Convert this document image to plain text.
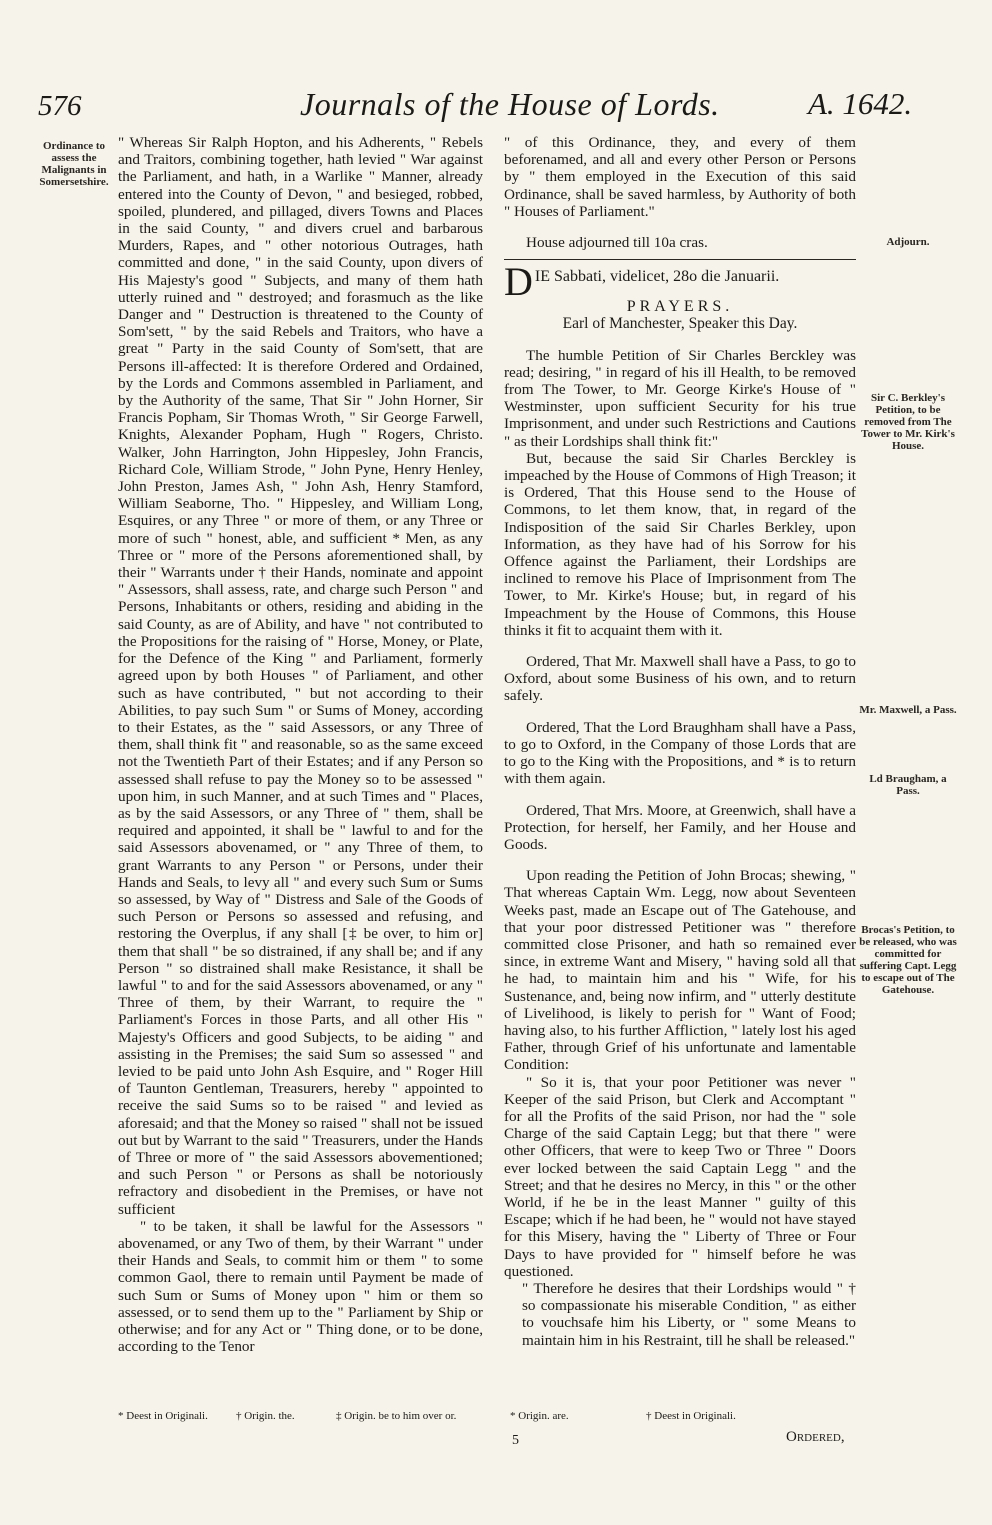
576	Journals of the House of Lords.	A. 1642.
Ordinance to assess the Malignants in Somersetshire.
Adjourn.
Sir C. Berkley's Petition, to be removed from The Tower to Mr. Kirk's House.
Mr. Maxwell, a Pass.
Ld Braugham, a Pass.
Brocas's Petition, to be released, who was committed for suffering Capt. Legg to escape out of The Gatehouse.

" Whereas Sir Ralph Hopton, and his Adherents, " Rebels and Traitors, combining together, hath levied " War against the Parliament, and hath, in a Warlike " Manner, already entered into the County of Devon, " and besieged, robbed, spoiled, plundered, and pillaged, divers Towns and Places in the said County, " and divers cruel and barbarous Murders, Rapes, and " other notorious Outrages, hath committed and done, " in the said County, upon divers of His Majesty's good " Subjects, and many of them hath utterly ruined and " destroyed; and forasmuch as the like Danger and " Destruction is threatened to the County of Som'sett, " by the said Rebels and Traitors, who have a great " Party in the said County of Som'sett, that are Persons ill-affected: It is therefore Ordered and Ordained, by the Lords and Commons assembled in Parliament, and by the Authority of the same, That Sir " John Horner, Sir Francis Popham, Sir Thomas Wroth, " Sir George Farwell, Knights, Alexander Popham, Hugh " Rogers, Christo. Walker, John Harrington, John Hippesley, John Francis, Richard Cole, William Strode, " John Pyne, Henry Henley, John Preston, James Ash, " John Ash, Henry Stamford, William Seaborne, Tho. " Hippesley, and William Long, Esquires, or any Three " or more of them, or any Three or more of such " honest, able, and sufficient * Men, as any Three or " more of the Persons aforementioned shall, by their " Warrants under † their Hands, nominate and appoint " Assessors, shall assess, rate, and charge such Person " and Persons, Inhabitants or others, residing and abiding in the said County, as are of Ability, and have " not contributed to the Propositions for the raising of " Horse, Money, or Plate, for the Defence of the King " and Parliament, formerly agreed upon by both Houses " of Parliament, and other such as have contributed, " but not according to their Abilities, to pay such Sum " or Sums of Money, according to their Estates, as the " said Assessors, or any Three of them, shall think fit " and reasonable, so as the same exceed not the Twentieth Part of their Estates; and if any Person so assessed shall refuse to pay the Money so to be assessed " upon him, in such Manner, and at such Times and " Places, as by the said Assessors, or any Three of " them, shall be required and appointed, it shall be " lawful to and for the said Assessors abovenamed, or " any Three of them, to grant Warrants to any Person " or Persons, under their Hands and Seals, to levy all " and every such Sum or Sums so assessed, by Way of " Distress and Sale of the Goods of such Person or Persons so assessed and refusing, and restoring the Overplus, if any shall [‡ be over, to him or] them that shall " be so distrained, if any shall be; and if any Person " so distrained shall make Resistance, it shall be lawful " to and for the said Assessors abovenamed, or any " Three of them, by their Warrant, to require the " Parliament's Forces in those Parts, and all other His " Majesty's Officers and good Subjects, to be aiding " and assisting in the Premises; the said Sum so assessed " and levied to be paid unto John Ash Esquire, and " Roger Hill of Taunton Gentleman, Treasurers, hereby " appointed to receive the said Sums so to be raised " and levied as aforesaid; and that the Money so raised " shall not be issued out but by Warrant to the said " Treasurers, under the Hands of Three or more of " the said Assessors abovementioned; and such Person " or Persons as shall be notoriously refractory and disobedient in the Premises, or have not sufficient

" to be taken, it shall be lawful for the Assessors " abovenamed, or any Two of them, by their Warrant " under their Hands and Seals, to commit him or them " to some common Gaol, there to remain until Payment be made of such Sum or Sums of Money upon " him or them so assessed, or to send them up to the " Parliament by Ship or otherwise; and for any Act or " Thing done, or to be done, according to the Tenor

" of this Ordinance, they, and every of them beforenamed, and all and every other Person or Persons by " them employed in the Execution of this said Ordinance, shall be saved harmless, by Authority of both " Houses of Parliament."

House adjourned till 10a cras.

D IE Sabbati, videlicet, 28o die Januarii.

PRAYERS.

Earl of Manchester, Speaker this Day.

The humble Petition of Sir Charles Berckley was read; desiring, " in regard of his ill Health, to be removed from The Tower, to Mr. George Kirke's House of " Westminster, upon sufficient Security for his true Imprisonment, and under such Restrictions and Cautions " as their Lordships shall think fit:"

But, because the said Sir Charles Berckley is impeached by the House of Commons of High Treason; it is Ordered, That this House send to the House of Commons, to let them know, that, in regard of the Indisposition of the said Sir Charles Berkley, upon Information, as they have had of his Sorrow for his Offence against the Parliament, their Lordships are inclined to remove his Place of Imprisonment from The Tower, to Mr. Kirke's House; but, in regard of his Impeachment by the House of Commons, this House thinks it fit to acquaint them with it.

Ordered, That Mr. Maxwell shall have a Pass, to go to Oxford, about some Business of his own, and to return safely.

Ordered, That the Lord Braughham shall have a Pass, to go to Oxford, in the Company of those Lords that are to go to the King with the Propositions, and * is to return with them again.

Ordered, That Mrs. Moore, at Greenwich, shall have a Protection, for herself, her Family, and her House and Goods.

Upon reading the Petition of John Brocas; shewing, " That whereas Captain Wm. Legg, now about Seventeen Weeks past, made an Escape out of The Gatehouse, and that your poor distressed Petitioner was " therefore committed close Prisoner, and hath so remained ever since, in extreme Want and Misery, " having sold all that he had, to maintain him and his " Wife, for his Sustenance, and, being now infirm, and " utterly destitute of Livelihood, is likely to perish for " Want of Food; having also, to his further Affliction, " lately lost his aged Father, through Grief of his unfortunate and lamentable Condition:

" So it is, that your poor Petitioner was never " Keeper of the said Prison, but Clerk and Accomptant " for all the Profits of the said Prison, nor had the " sole Charge of the said Captain Legg; but that there " were other Officers, that were to keep Two or Three " Doors ever locked between the said Captain Legg " and the Street; and that he desires no Mercy, in this " or the other World, if he be in the least Manner " guilty of this Escape; which if he had been, he " would not have stayed for this Misery, having the " Liberty of Three or Four Days to have provided for " himself before he was questioned.

" Therefore he desires that their Lordships would " † so compassionate his miserable Condition, " as either to vouchsafe him his Liberty, or " some Means to maintain him in his Restraint, till he shall be released."

* Deest in Originali.	† Origin. the.	‡ Origin. be to him over or.	* Origin. are.	† Deest in Originali.
5	Ordered,
